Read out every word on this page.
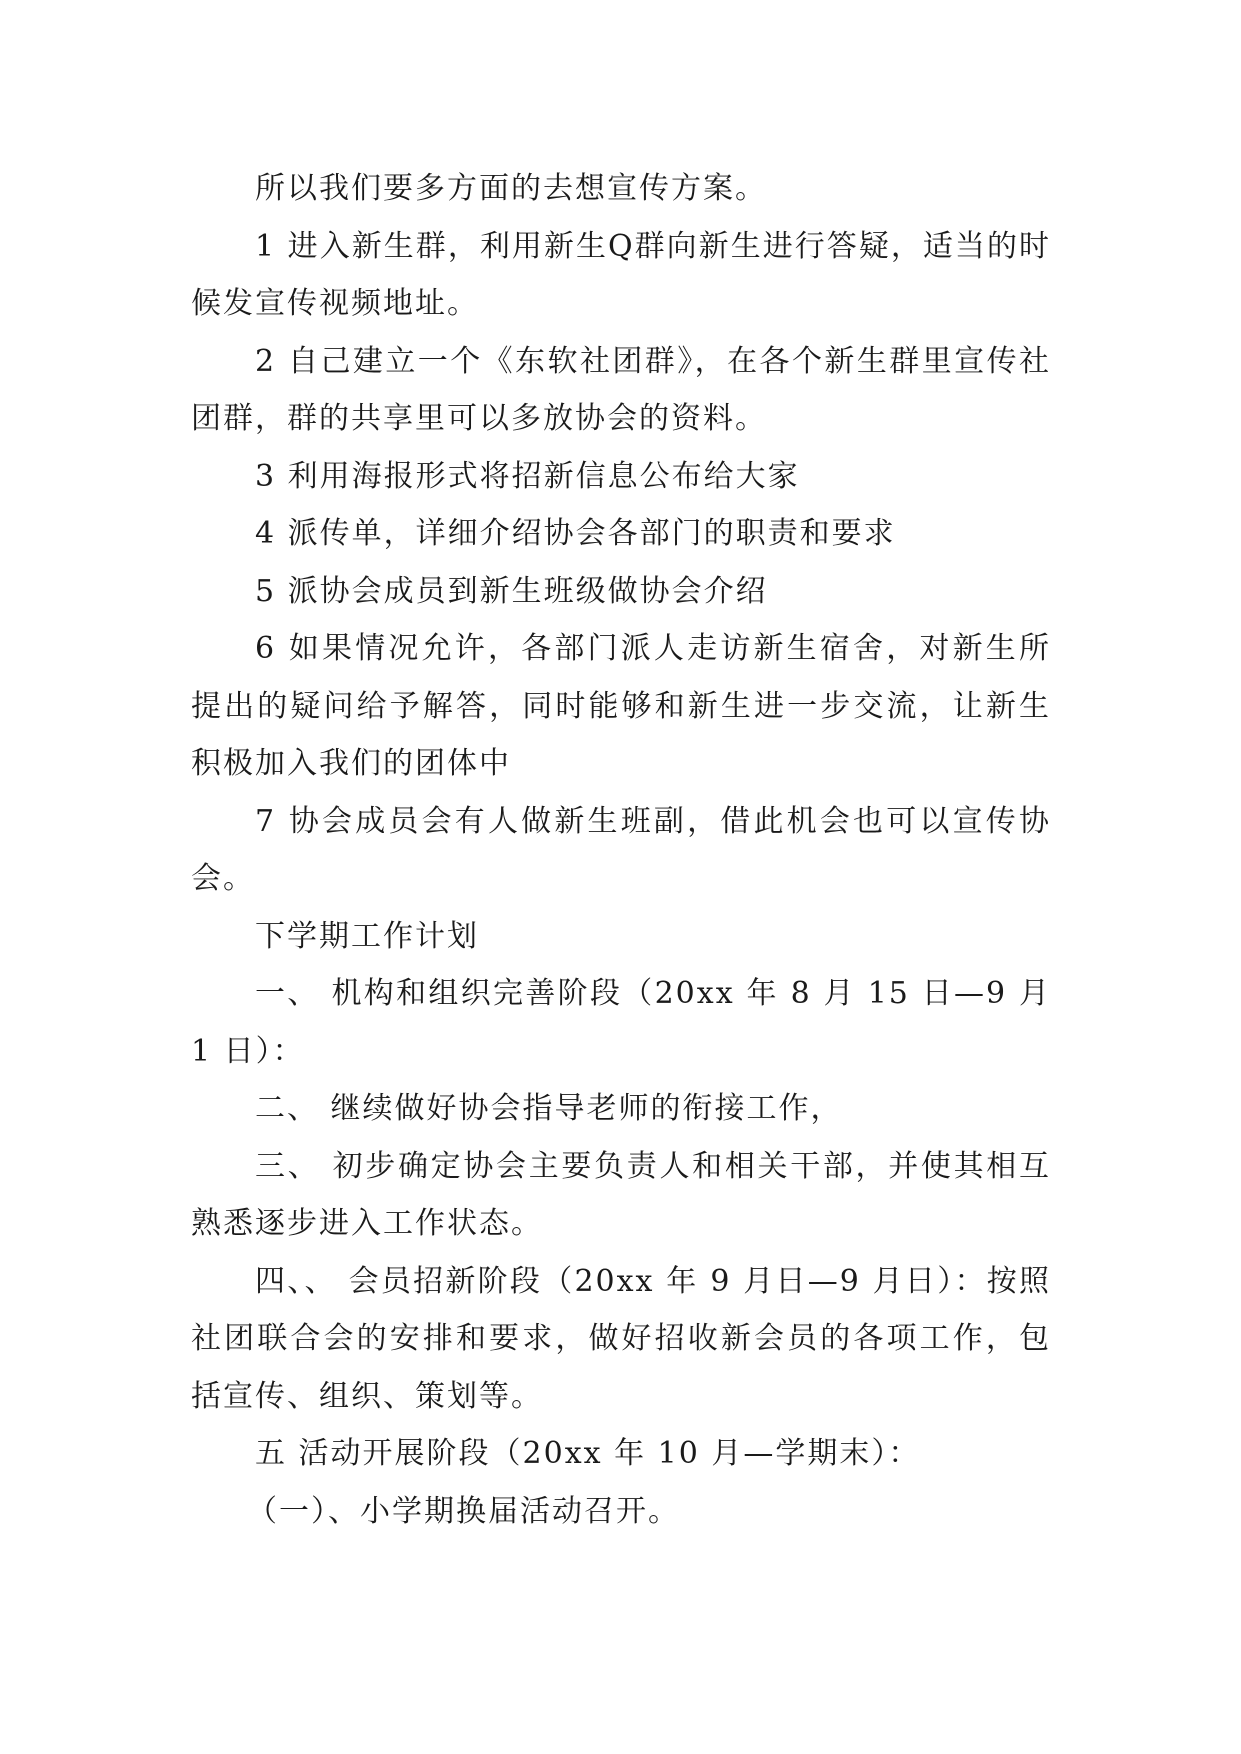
所以我们要多方面的去想宣传方案。

1 进入新生群，利用新生Q群向新生进行答疑，适当的时候发宣传视频地址。

2 自己建立一个《东软社团群》，在各个新生群里宣传社团群，群的共享里可以多放协会的资料。

3 利用海报形式将招新信息公布给大家

4 派传单，详细介绍协会各部门的职责和要求

5 派协会成员到新生班级做协会介绍

6 如果情况允许，各部门派人走访新生宿舍，对新生所提出的疑问给予解答，同时能够和新生进一步交流，让新生积极加入我们的团体中

7 协会成员会有人做新生班副，借此机会也可以宣传协会。

下学期工作计划

一、 机构和组织完善阶段（20xx 年 8 月 15 日—9 月 1 日）：

二、 继续做好协会指导老师的衔接工作，

三、 初步确定协会主要负责人和相关干部，并使其相互熟悉逐步进入工作状态。

四、、 会员招新阶段（20xx 年 9 月日—9 月日）：按照社团联合会的安排和要求，做好招收新会员的各项工作，包括宣传、组织、策划等。

五 活动开展阶段（20xx 年 10 月—学期末）：

（一）、小学期换届活动召开。
